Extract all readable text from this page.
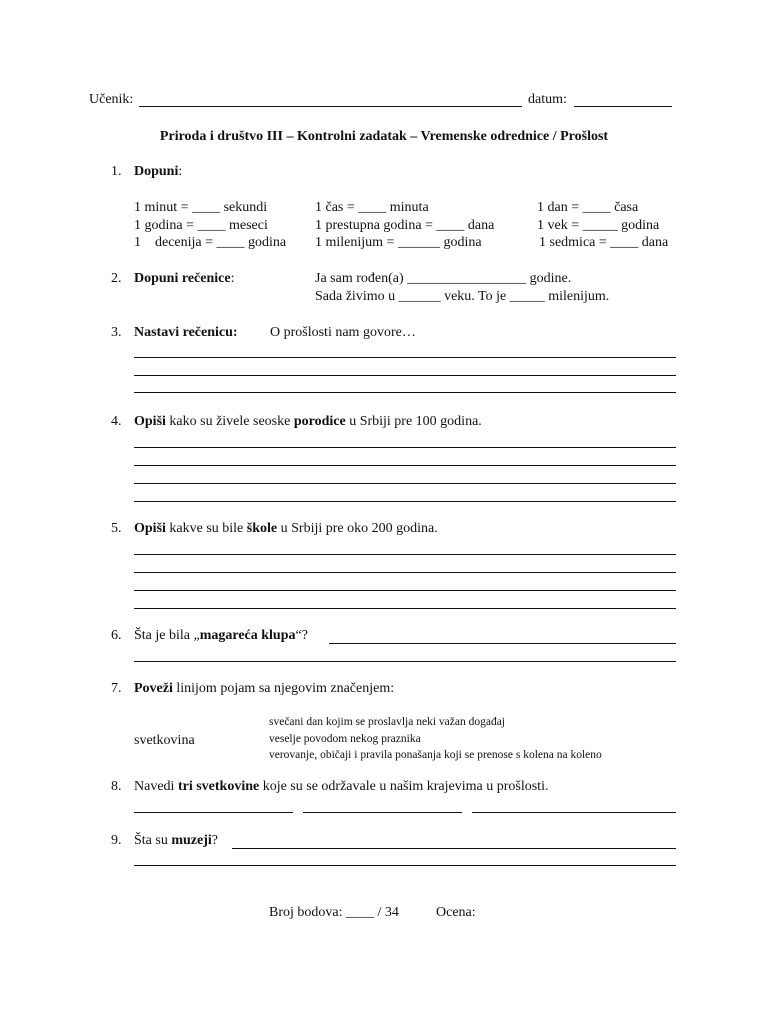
Učenik:	datum:
Priroda i društvo III – Kontrolni zadatak – Vremenske odrednice / Prošlost
1. Dopuni:
1 minut = ____ sekundi	1 čas = ____ minuta	1 dan = ____ časa
1 godina = ____ meseci	1 prestupna godina = ____ dana	1 vek = _____ godina
1    decenija = ____ godina 1 milenijum = ______ godina	1 sedmica = ____ dana
2. Dopuni rečenice:	Ja sam rođen(a) _________________ godine.
Sada živimo u ______ veku. To je _____ milenijum.
3. Nastavi rečenicu: O prošlosti nam govore…
4. Opiši kako su živele seoske porodice u Srbiji pre 100 godina.
5. Opiši kakve su bile škole u Srbiji pre oko 200 godina.
6. Šta je bila „magareća klupa“?
7. Poveži linijom pojam sa njegovim značenjem:
svetkovina
svečani dan kojim se proslavlja neki važan događaj
veselje povodom nekog praznika
verovanje, običaji i pravila ponašanja koji se prenose s kolena na koleno
8. Navedi tri svetkovine koje su se održavale u našim krajevima u prošlosti.
9. Šta su muzeji?
Broj bodova: ____ / 34	Ocena:
